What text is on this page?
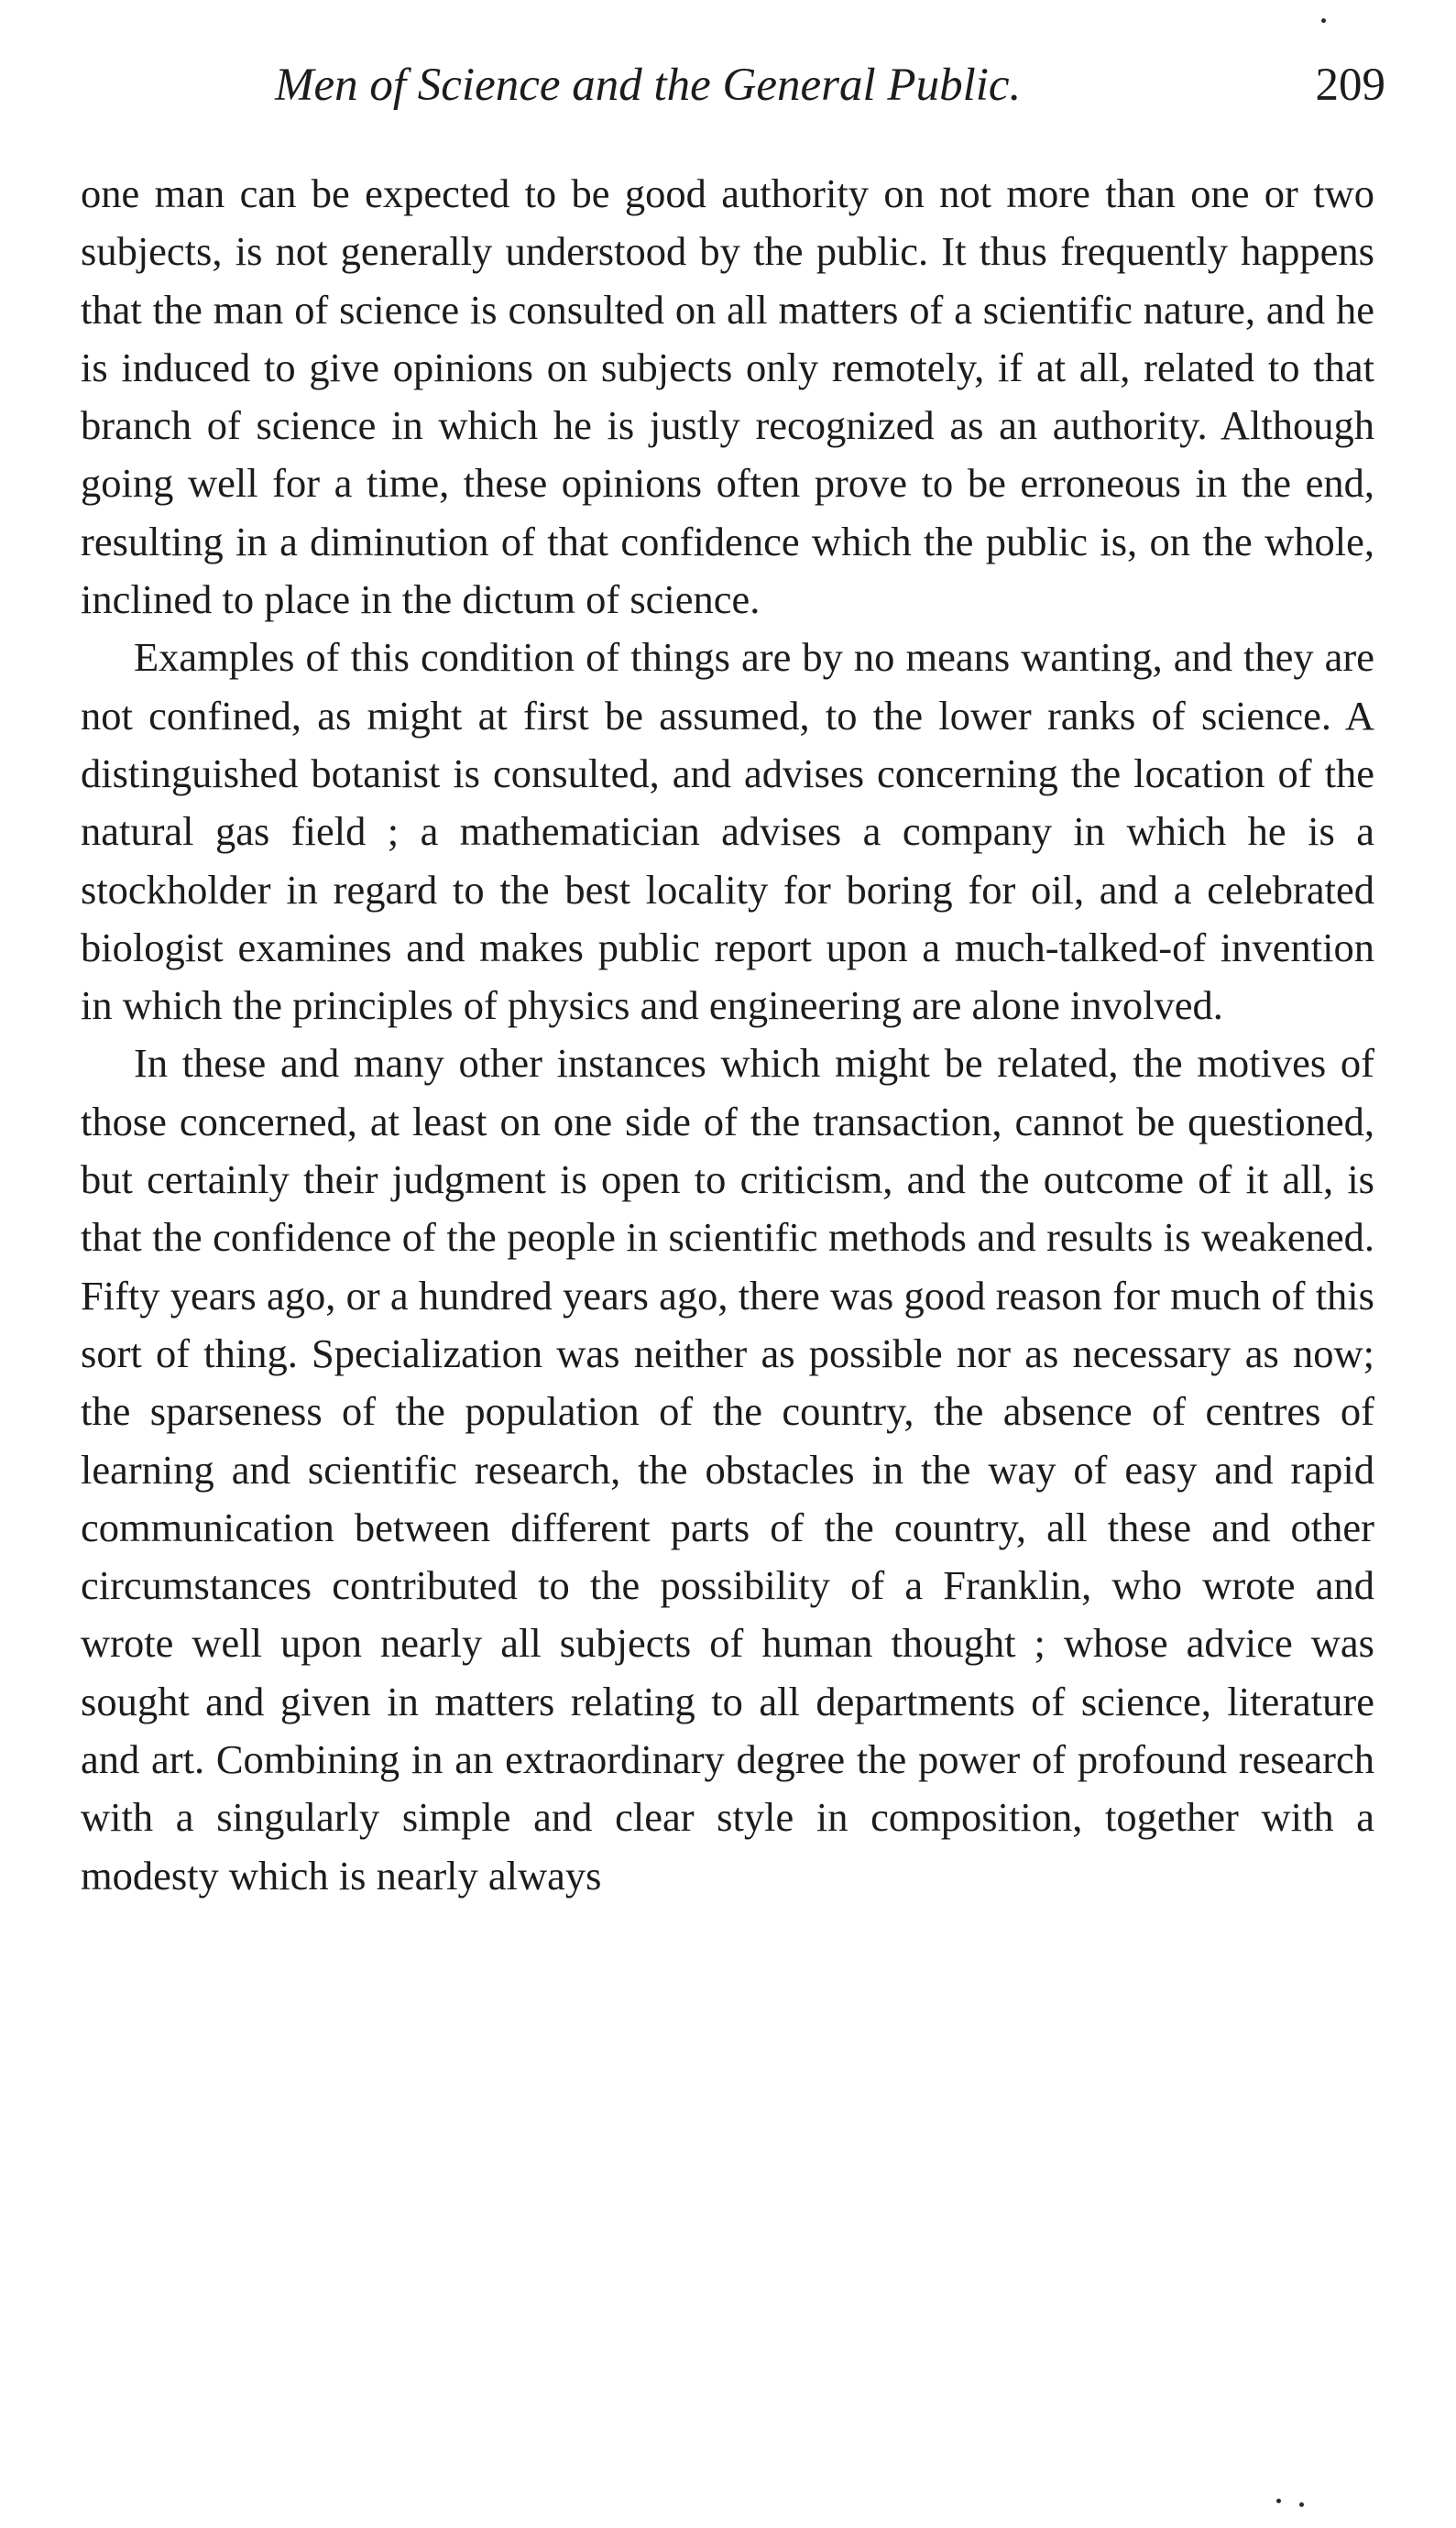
Men of Science and the General Public.	209

one man can be expected to be good authority on not more than one or two subjects, is not generally understood by the public. It thus frequently happens that the man of science is consulted on all matters of a scientific nature, and he is induced to give opinions on subjects only remotely, if at all, related to that branch of science in which he is justly recognized as an authority. Although going well for a time, these opinions often prove to be erroneous in the end, resulting in a diminution of that confidence which the public is, on the whole, inclined to place in the dictum of science.

Examples of this condition of things are by no means wanting, and they are not confined, as might at first be assumed, to the lower ranks of science. A distinguished botanist is consulted, and advises concerning the location of the natural gas field ; a mathematician advises a company in which he is a stockholder in regard to the best locality for boring for oil, and a celebrated biologist examines and makes public report upon a much-talked-of invention in which the principles of physics and engineering are alone involved.

In these and many other instances which might be related, the motives of those concerned, at least on one side of the transaction, cannot be questioned, but certainly their judgment is open to criticism, and the outcome of it all, is that the confidence of the people in scientific methods and results is weakened. Fifty years ago, or a hundred years ago, there was good reason for much of this sort of thing. Specialization was neither as possible nor as necessary as now; the sparseness of the population of the country, the absence of centres of learning and scientific research, the obstacles in the way of easy and rapid communication between different parts of the country, all these and other circumstances contributed to the possibility of a Franklin, who wrote and wrote well upon nearly all subjects of human thought ; whose advice was sought and given in matters relating to all departments of science, literature and art. Combining in an extraordinary degree the power of profound research with a singularly simple and clear style in composition, together with a modesty which is nearly always
